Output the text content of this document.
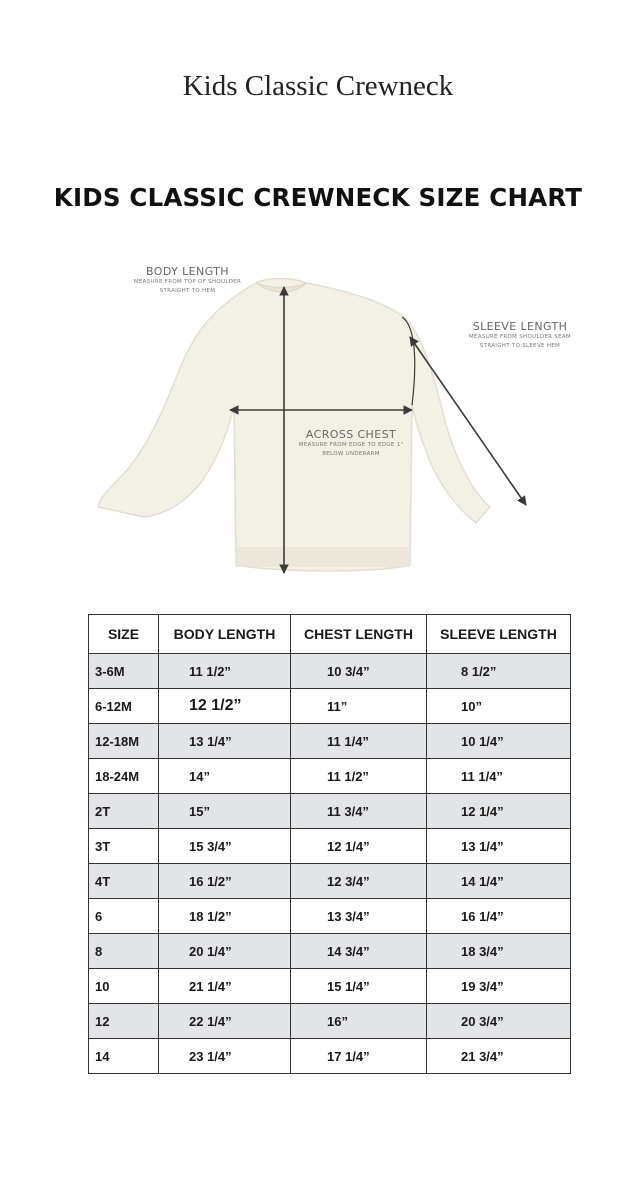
Kids Classic Crewneck
KIDS CLASSIC CREWNECK SIZE CHART
BODY LENGTH
MEASURE FROM TOP OF SHOULDER
STRAIGHT TO HEM
SLEEVE LENGTH
MEASURE FROM SHOULDER SEAM
STRAIGHT TO SLEEVE HEM
ACROSS CHEST
MEASURE FROM EDGE TO EDGE 1"
BELOW UNDERARM
SIZE	BODY LENGTH	CHEST LENGTH	SLEEVE LENGTH
3-6M	11 1/2”	10 3/4”	8 1/2”
6-12M	12 1/2”	11”	10”
12-18M	13 1/4”	11 1/4”	10 1/4”
18-24M	14”	11 1/2”	11 1/4”
2T	15”	11 3/4”	12 1/4”
3T	15 3/4”	12 1/4”	13 1/4”
4T	16 1/2”	12 3/4”	14 1/4”
6	18 1/2”	13 3/4”	16 1/4”
8	20 1/4”	14 3/4”	18 3/4”
10	21 1/4”	15 1/4”	19 3/4”
12	22 1/4”	16”	20 3/4”
14	23 1/4”	17 1/4”	21 3/4”
